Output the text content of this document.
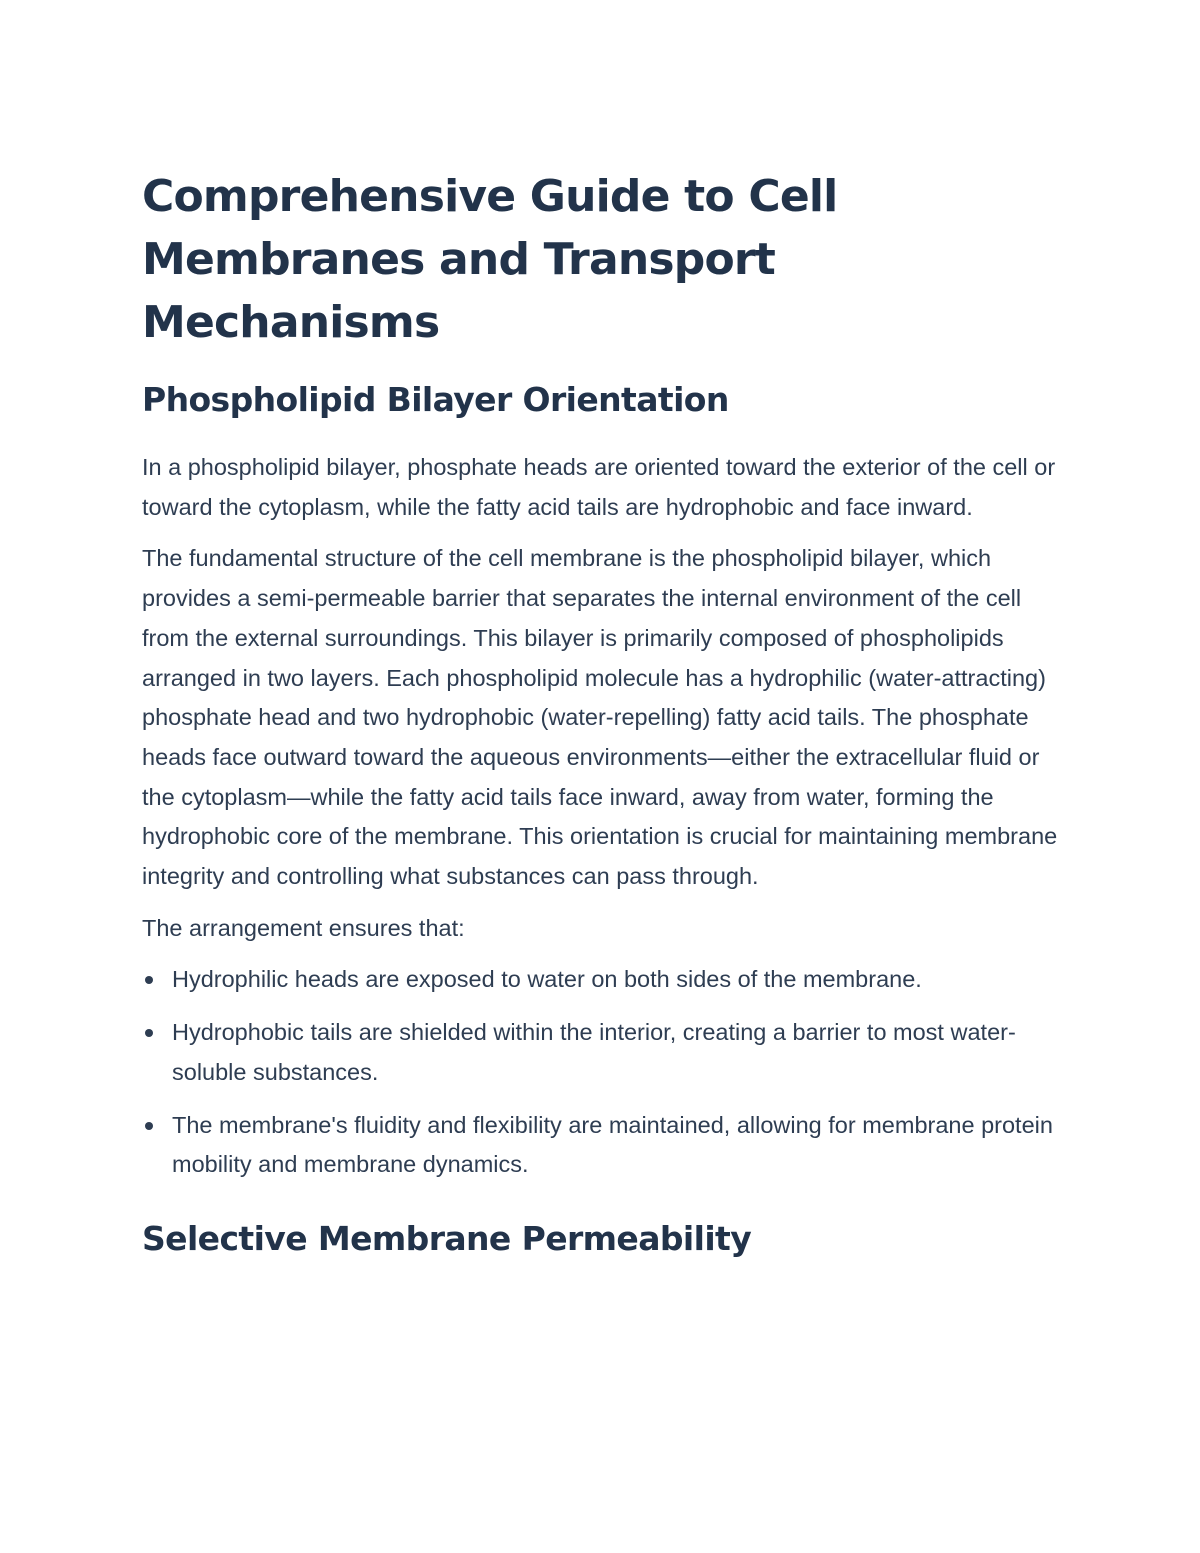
Comprehensive Guide to Cell Membranes and Transport Mechanisms
Phospholipid Bilayer Orientation

In a phospholipid bilayer, phosphate heads are oriented toward the exterior of the cell or toward the cytoplasm, while the fatty acid tails are hydrophobic and face inward.

The fundamental structure of the cell membrane is the phospholipid bilayer, which provides a semi-permeable barrier that separates the internal environment of the cell from the external surroundings. This bilayer is primarily composed of phospholipids arranged in two layers. Each phospholipid molecule has a hydrophilic (water-attracting) phosphate head and two hydrophobic (water-repelling) fatty acid tails. The phosphate heads face outward toward the aqueous environments—either the extracellular fluid or the cytoplasm—while the fatty acid tails face inward, away from water, forming the hydrophobic core of the membrane. This orientation is crucial for maintaining membrane integrity and controlling what substances can pass through.

The arrangement ensures that:

Hydrophilic heads are exposed to water on both sides of the membrane.
Hydrophobic tails are shielded within the interior, creating a barrier to most water-soluble substances.
The membrane's fluidity and flexibility are maintained, allowing for membrane protein mobility and membrane dynamics.
Selective Membrane Permeability
